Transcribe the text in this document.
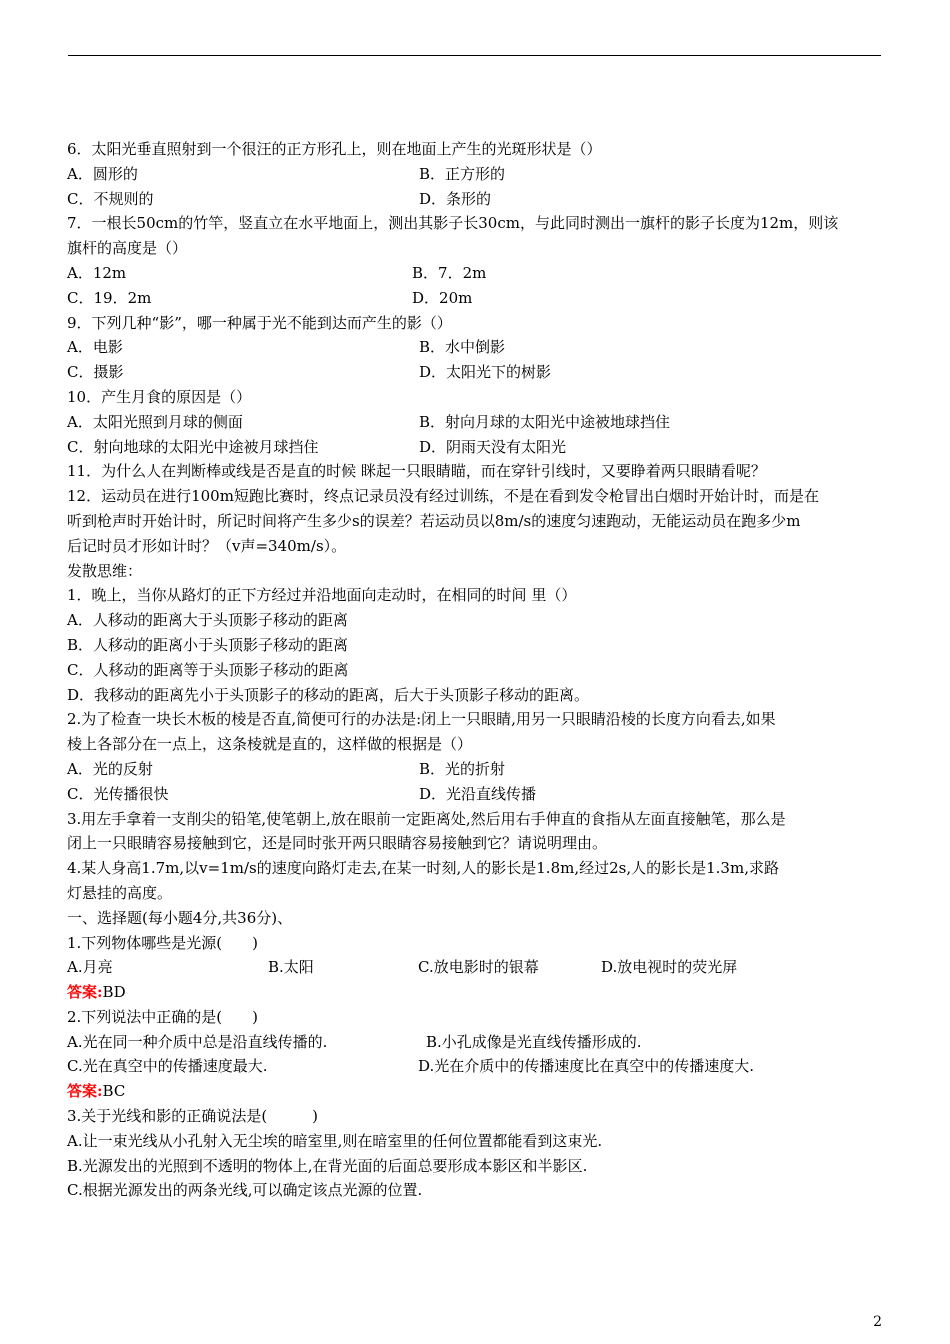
6．太阳光垂直照射到一个很汪的正方形孔上，则在地面上产生的光斑形状是（）
A．圆形的	B．正方形的
C．不规则的	D．条形的
7．一根长50cm的竹竿，竖直立在水平地面上，测出其影子长30cm，与此同时测出一旗杆的影子长度为12m，则该
旗杆的高度是（）
A．12m	B．7．2m
C．19．2m	D．20m
9．下列几种“影”，哪一种属于光不能到达而产生的影（）
A．电影	B．水中倒影
C．摄影	D．太阳光下的树影
10．产生月食的原因是（）
A．太阳光照到月球的侧面	B．射向月球的太阳光中途被地球挡住
C．射向地球的太阳光中途被月球挡住	D．阴雨天没有太阳光
11．为什么人在判断棒或线是否是直的时候 眯起一只眼睛瞄，而在穿针引线时，又要睁着两只眼睛看呢？
12．运动员在进行100m短跑比赛时，终点记录员没有经过训练，不是在看到发令枪冒出白烟时开始计时，而是在
听到枪声时开始计时，所记时间将产生多少s的误差？若运动员以8m/s的速度匀速跑动，无能运动员在跑多少m
后记时员才形如计时？（v声=340m/s）。
发散思维：
1．晚上，当你从路灯的正下方经过并沿地面向走动时，在相同的时间 里（）
A．人移动的距离大于头顶影子移动的距离
B．人移动的距离小于头顶影子移动的距离
C．人移动的距离等于头顶影子移动的距离
D．我移动的距离先小于头顶影子的移动的距离，后大于头顶影子移动的距离。
2.为了检查一块长木板的棱是否直,简便可行的办法是:闭上一只眼睛,用另一只眼睛沿棱的长度方向看去,如果
棱上各部分在一点上，这条棱就是直的，这样做的根据是（）
A．光的反射	B．光的折射
C．光传播很快	D．光沿直线传播
3.用左手拿着一支削尖的铅笔,使笔朝上,放在眼前一定距离处,然后用右手伸直的食指从左面直接触笔，那么是
闭上一只眼睛容易接触到它，还是同时张开两只眼睛容易接触到它？请说明理由。
4.某人身高1.7m,以v=1m/s的速度向路灯走去,在某一时刻,人的影长是1.8m,经过2s,人的影长是1.3m,求路
灯悬挂的高度。
一、选择题(每小题4分,共36分)、
1.下列物体哪些是光源(　　)
A.月亮	B.太阳	C.放电影时的银幕	D.放电视时的荧光屏
答案:BD
2.下列说法中正确的是(　　)
A.光在同一种介质中总是沿直线传播的.	B.小孔成像是光直线传播形成的.
C.光在真空中的传播速度最大.	D.光在介质中的传播速度比在真空中的传播速度大.
答案:BC
3.关于光线和影的正确说法是(　　　)
A.让一束光线从小孔射入无尘埃的暗室里,则在暗室里的任何位置都能看到这束光.
B.光源发出的光照到不透明的物体上,在背光面的后面总要形成本影区和半影区.
C.根据光源发出的两条光线,可以确定该点光源的位置.
2
